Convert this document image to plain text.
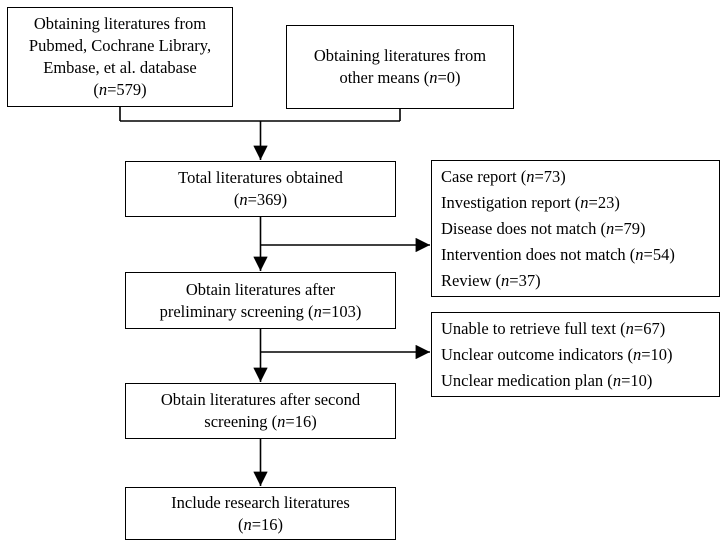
Obtaining literatures from
Pubmed, Cochrane Library,
Embase, et al. database
(n=579)
Obtaining literatures from
other means (n=0)
Total literatures obtained
(n=369)
Case report (n=73)
Investigation report (n=23)
Disease does not match (n=79)
Intervention does not match (n=54)
Review (n=37)
Obtain literatures after
preliminary screening (n=103)
Unable to retrieve full text (n=67)
Unclear outcome indicators (n=10)
Unclear medication plan (n=10)
Obtain literatures after second
screening (n=16)
Include research literatures
(n=16)
